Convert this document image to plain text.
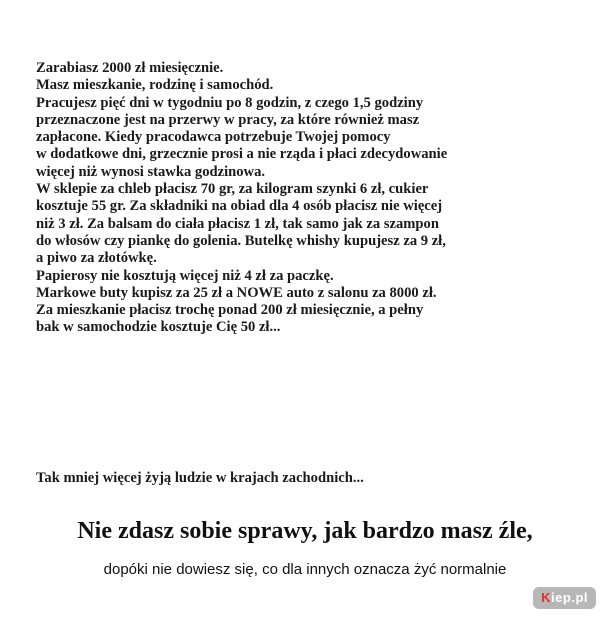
Zarabiasz 2000 zł miesięcznie.
Masz mieszkanie, rodzinę i samochód.
Pracujesz pięć dni w tygodniu po 8 godzin, z czego 1,5 godziny
przeznaczone jest na przerwy w pracy, za które również masz
zapłacone. Kiedy pracodawca potrzebuje Twojej pomocy
w dodatkowe dni, grzecznie prosi a nie rząda i płaci zdecydowanie
więcej niż wynosi stawka godzinowa.
W sklepie za chleb płacisz 70 gr, za kilogram szynki 6 zł, cukier
kosztuje 55 gr. Za składniki na obiad dla 4 osób płacisz nie więcej
niż 3 zł. Za balsam do ciała płacisz 1 zł, tak samo jak za szampon
do włosów czy piankę do golenia. Butelkę whishy kupujesz za 9 zł,
a piwo za złotówkę.
Papierosy nie kosztują więcej niż 4 zł za paczkę.
Markowe buty kupisz za 25 zł a NOWE auto z salonu za 8000 zł.
Za mieszkanie płacisz trochę ponad 200 zł miesięcznie, a pełny
bak w samochodzie kosztuje Cię 50 zł...
Tak mniej więcej żyją ludzie w krajach zachodnich...
Nie zdasz sobie sprawy, jak bardzo masz źle,
dopóki nie dowiesz się, co dla innych oznacza żyć normalnie
Kiep.pl
